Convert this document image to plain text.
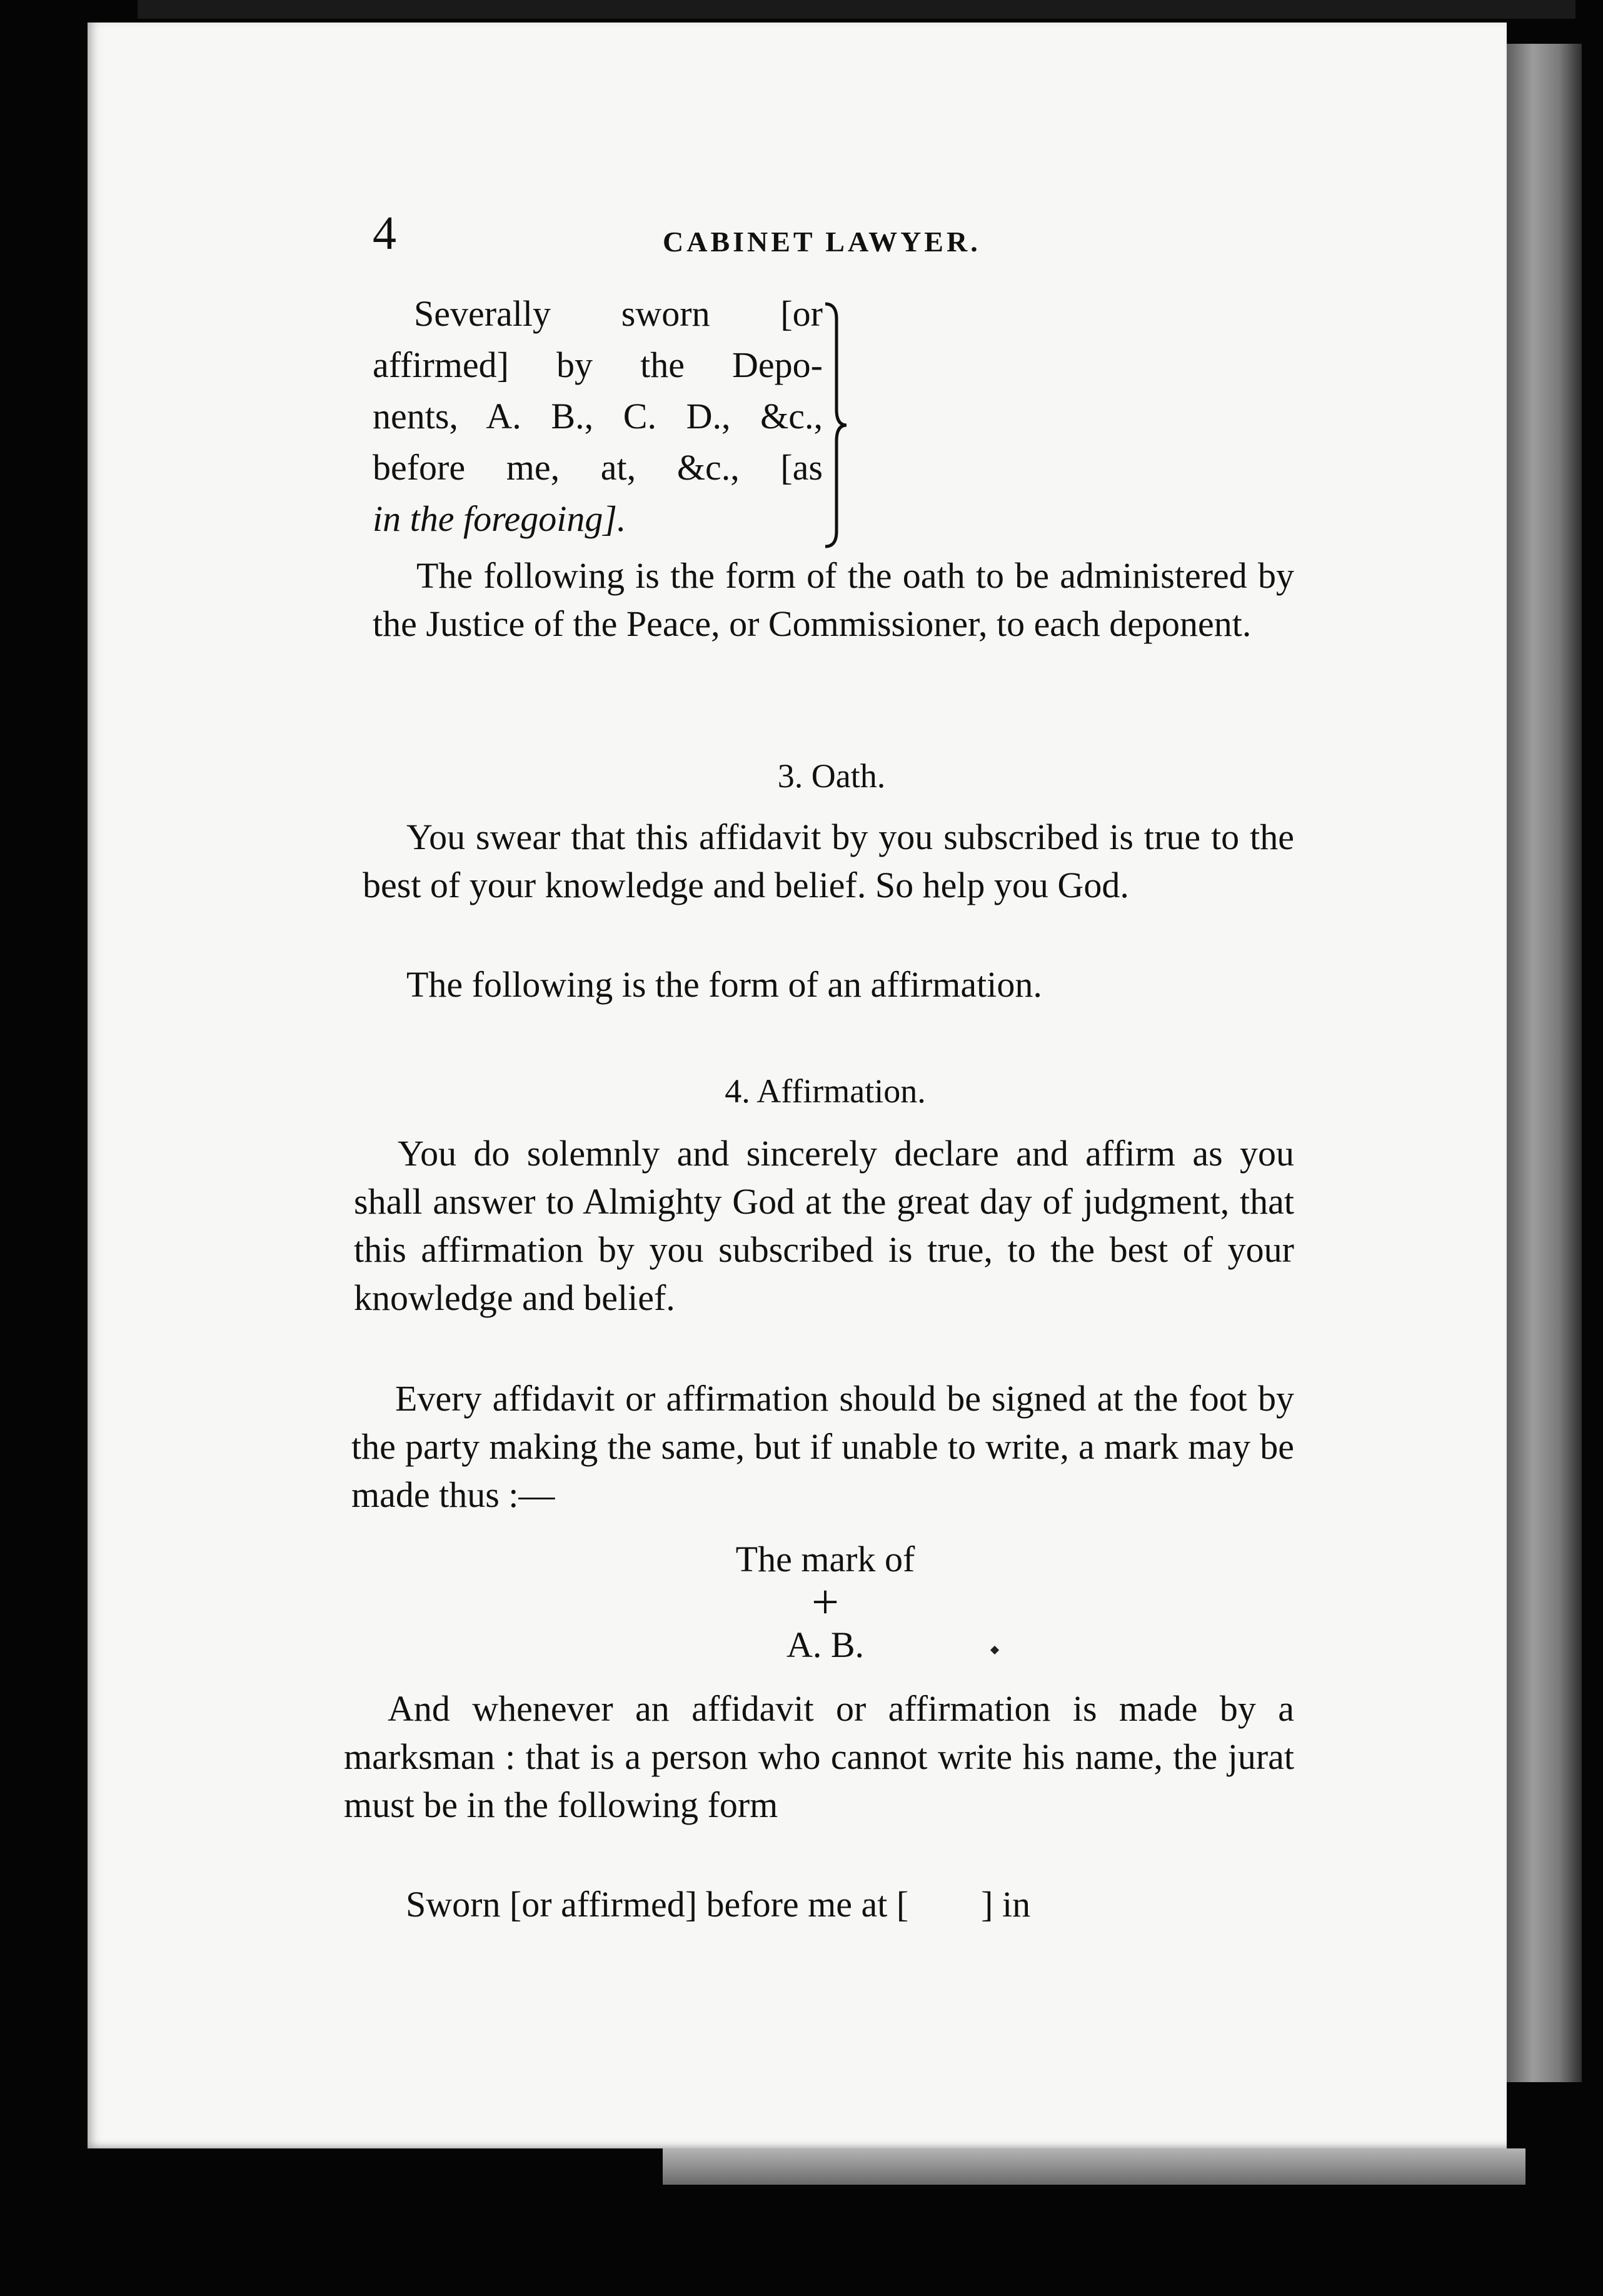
4	CABINET LAWYER.
Severally sworn [or
affirmed] by the Depo-
nents, A. B., C. D., &c.,
before me, at, &c., [as
in the foregoing].
The following is the form of the oath to be administered by the Justice of the Peace, or Commissioner, to each deponent.
3. Oath.
You swear that this affidavit by you subscribed is true to the best of your knowledge and belief. So help you God.
The following is the form of an affirmation.
4. Affirmation.
You do solemnly and sincerely declare and affirm as you shall answer to Almighty God at the great day of judgment, that this affirmation by you subscribed is true, to the best of your knowledge and belief.
Every affidavit or affirmation should be signed at the foot by the party making the same, but if unable to write, a mark may be made thus :—
The mark of
+
A. B.
And whenever an affidavit or affirmation is made by a marksman : that is a person who cannot write his name, the jurat must be in the following form

Sworn [or affirmed] before me at [        ] in
